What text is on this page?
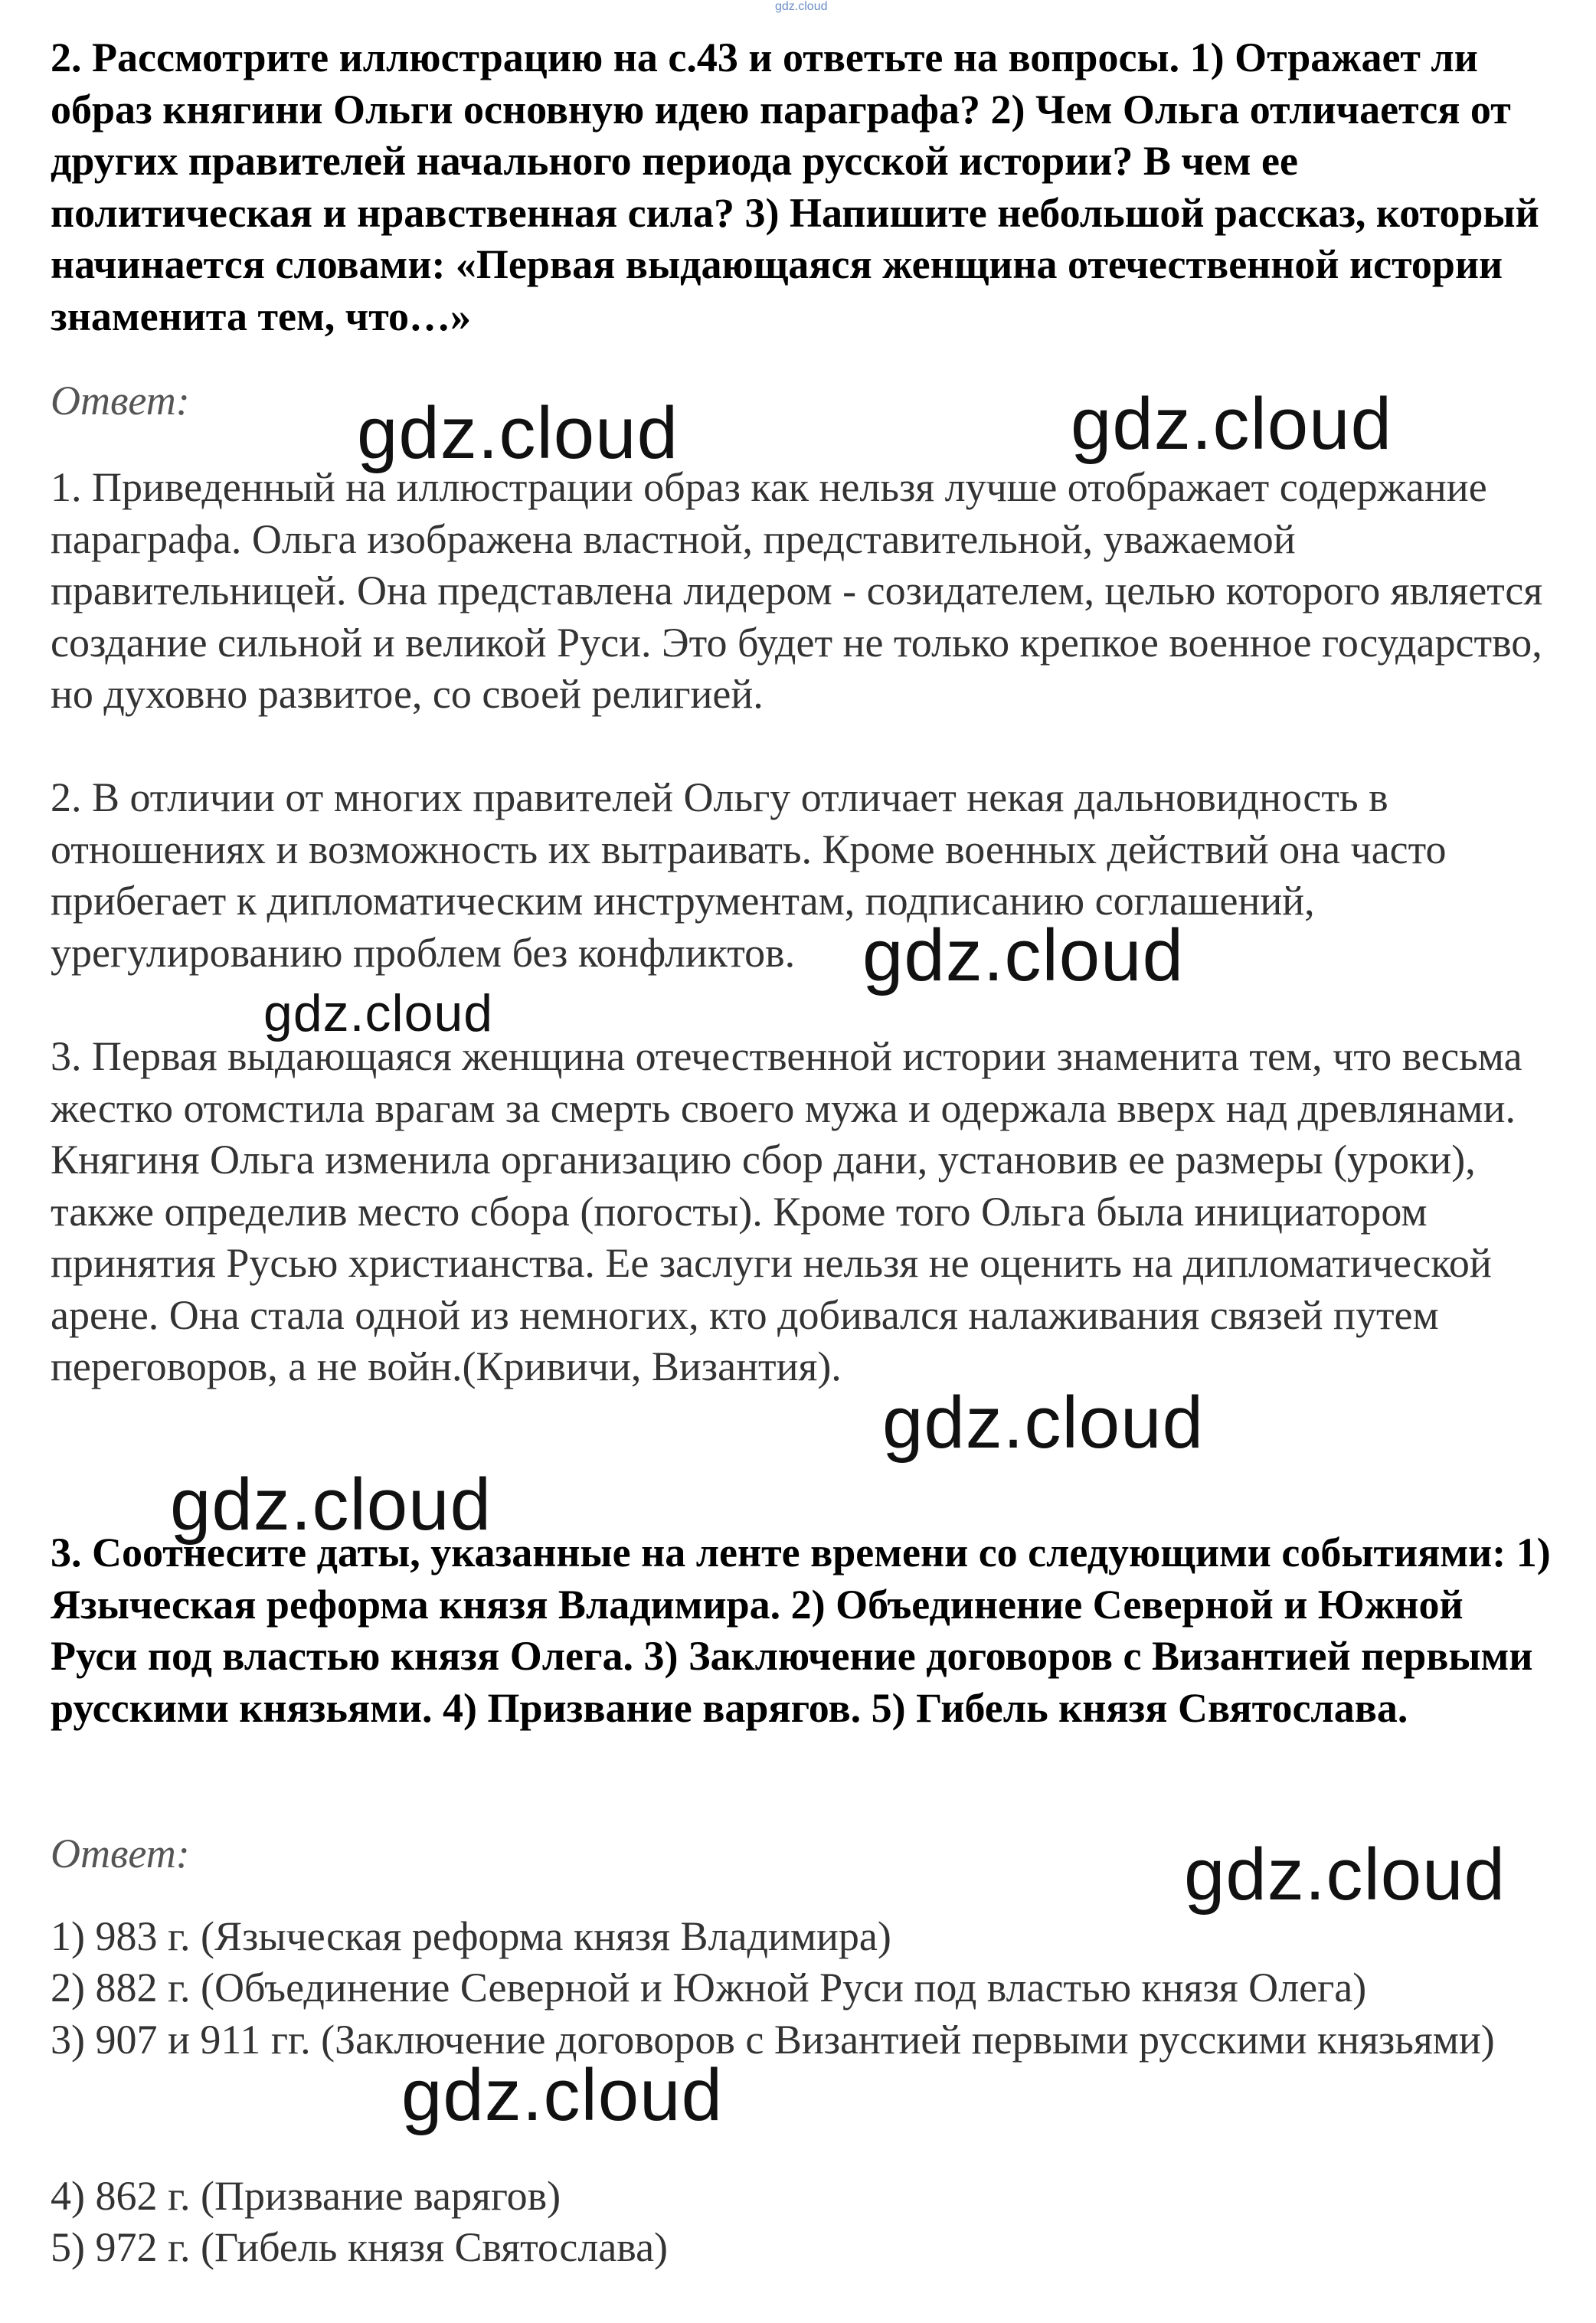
gdz.cloud

2. Рассмотрите иллюстрацию на с.43 и ответьте на вопросы. 1) Отражает ли образ княгини Ольги основную идею параграфа? 2) Чем Ольга отличается от других правителей начального периода русской истории? В чем ее политическая и нравственная сила? 3) Напишите небольшой рассказ, который начинается словами: «Первая выдающаяся женщина отечественной истории знаменита тем, что…»

Ответ:

1. Приведенный на иллюстрации образ как нельзя лучше отображает содержание параграфа. Ольга изображена властной, представительной, уважаемой правительницей. Она представлена лидером - созидателем, целью которого является создание сильной и великой Руси. Это будет не только крепкое военное государство, но духовно развитое, со своей религией.

2. В отличии от многих правителей Ольгу отличает некая дальновидность в отношениях и возможность их вытраивать. Кроме военных действий она часто прибегает к дипломатическим инструментам, подписанию соглашений, урегулированию проблем без конфликтов.

3. Первая выдающаяся женщина отечественной истории знаменита тем, что весьма жестко отомстила врагам за смерть своего мужа и одержала вверх над древлянами. Княгиня Ольга изменила организацию сбор дани, установив ее размеры (уроки), также определив место сбора (погосты). Кроме того Ольга была инициатором принятия Русью христианства. Ее заслуги нельзя не оценить на дипломатической арене. Она стала одной из немногих, кто добивался налаживания связей путем переговоров, а не войн.(Кривичи, Византия).

3. Соотнесите даты, указанные на ленте времени со следующими событиями: 1) Языческая реформа князя Владимира. 2) Объединение Северной и Южной Руси под властью князя Олега. 3) Заключение договоров с Византией первыми русскими князьями. 4) Призвание варягов. 5) Гибель князя Святослава.

Ответ:

1) 983 г. (Языческая реформа князя Владимира)

2) 882 г. (Объединение Северной и Южной Руси под властью князя Олега)

3) 907 и 911 гг. (Заключение договоров с Византией первыми русскими князьями)

4) 862 г. (Призвание варягов)

5) 972 г. (Гибель князя Святослава)

gdz.cloud	gdz.cloud
gdz.cloud
gdz.cloud
gdz.cloud
gdz.cloud
gdz.cloud
gdz.cloud
